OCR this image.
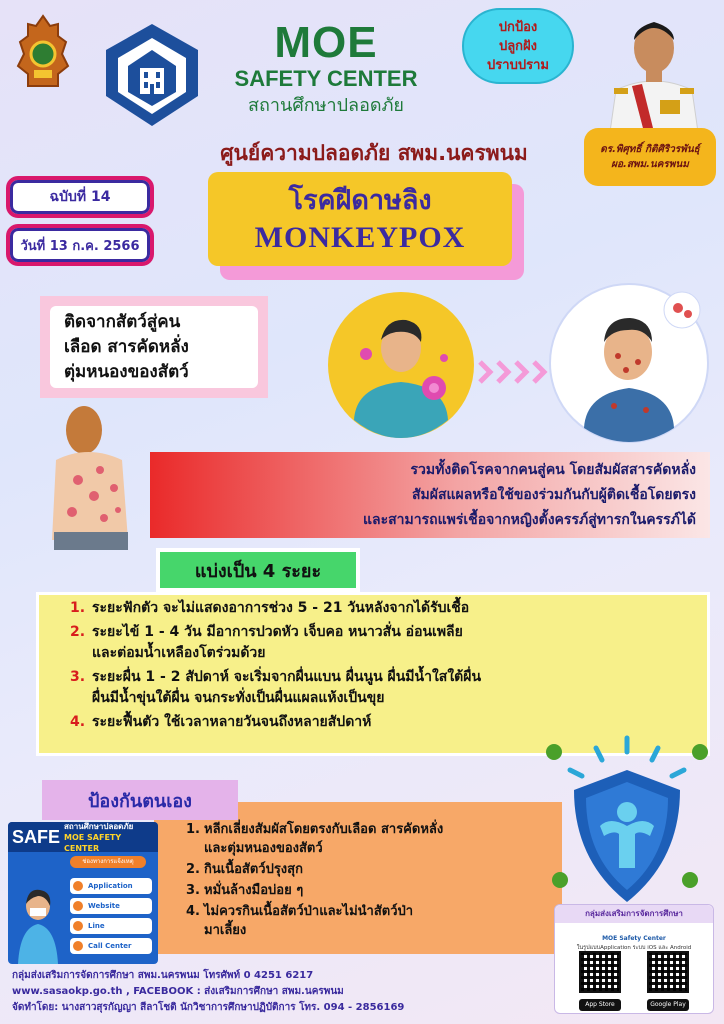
MOE
SAFETY CENTER
สถานศึกษาปลอดภัย
ปกป้อง
ปลูกฝัง
ปราบปราม
ดร.พิศุทธิ์ กิติศิริวรพันธุ์
ผอ.สพม.นครพนม
ศูนย์ความปลอดภัย สพม.นครพนม
ฉบับที่ 14
วันที่ 13 ก.ค. 2566
โรคฝีดาษลิง
MONKEYPOX
ติดจากสัตว์สู่คน
เลือด สารคัดหลั่ง
ตุ่มหนองของสัตว์
รวมทั้งติดโรคจากคนสู่คน โดยสัมผัสสารคัดหลั่ง
สัมผัสแผลหรือใช้ของร่วมกันกับผู้ติดเชื้อโดยตรง
และสามารถแพร่เชื้อจากหญิงตั้งครรภ์สู่ทารกในครรภ์ได้
แบ่งเป็น 4 ระยะ
1. ระยะฟักตัว จะไม่แสดงอาการช่วง 5 - 21 วันหลังจากได้รับเชื้อ
2. ระยะไข้ 1 - 4 วัน มีอาการปวดหัว เจ็บคอ หนาวสั่น อ่อนเพลีย
และต่อมน้ำเหลืองโตร่วมด้วย
3. ระยะผื่น 1 - 2 สัปดาห์ จะเริ่มจากผื่นแบน ผื่นนูน ผื่นมีน้ำใสใต้ผื่น
ผื่นมีน้ำขุ่นใต้ผื่น จนกระทั่งเป็นผื่นแผลแห้งเป็นขุย
4. ระยะฟื้นตัว ใช้เวลาหลายวันจนถึงหลายสัปดาห์
1. หลีกเลี่ยงสัมผัสโดยตรงกับเลือด สารคัดหลั่ง
และตุ่มหนองของสัตว์
2. กินเนื้อสัตว์ปรุงสุก
3. หมั่นล้างมือบ่อย ๆ
4. ไม่ควรกินเนื้อสัตว์ป่าและไม่นำสัตว์ป่า
มาเลี้ยง
ป้องกันตนเอง
SAFE
สถานศึกษาปลอดภัย
MOE SAFETY CENTER
ช่องทางการแจ้งเหตุ
Application
Website
Line
Call Center
กลุ่มส่งเสริมการจัดการศึกษา
MOE Safety Center
ในรูปแบบApplication ระบบ iOS และ Android
App Store	Google Play
กลุ่มส่งเสริมการจัดการศึกษา สพม.นครพนม โทรศัพท์ 0 4251 6217
www.sasaokp.go.th , FACEBOOK : ส่งเสริมการศึกษา สพม.นครพนม
จัดทำโดย: นางสาวสุรกัญญา สีลาโชติ นักวิชาการศึกษาปฏิบัติการ โทร. 094 - 2856169
